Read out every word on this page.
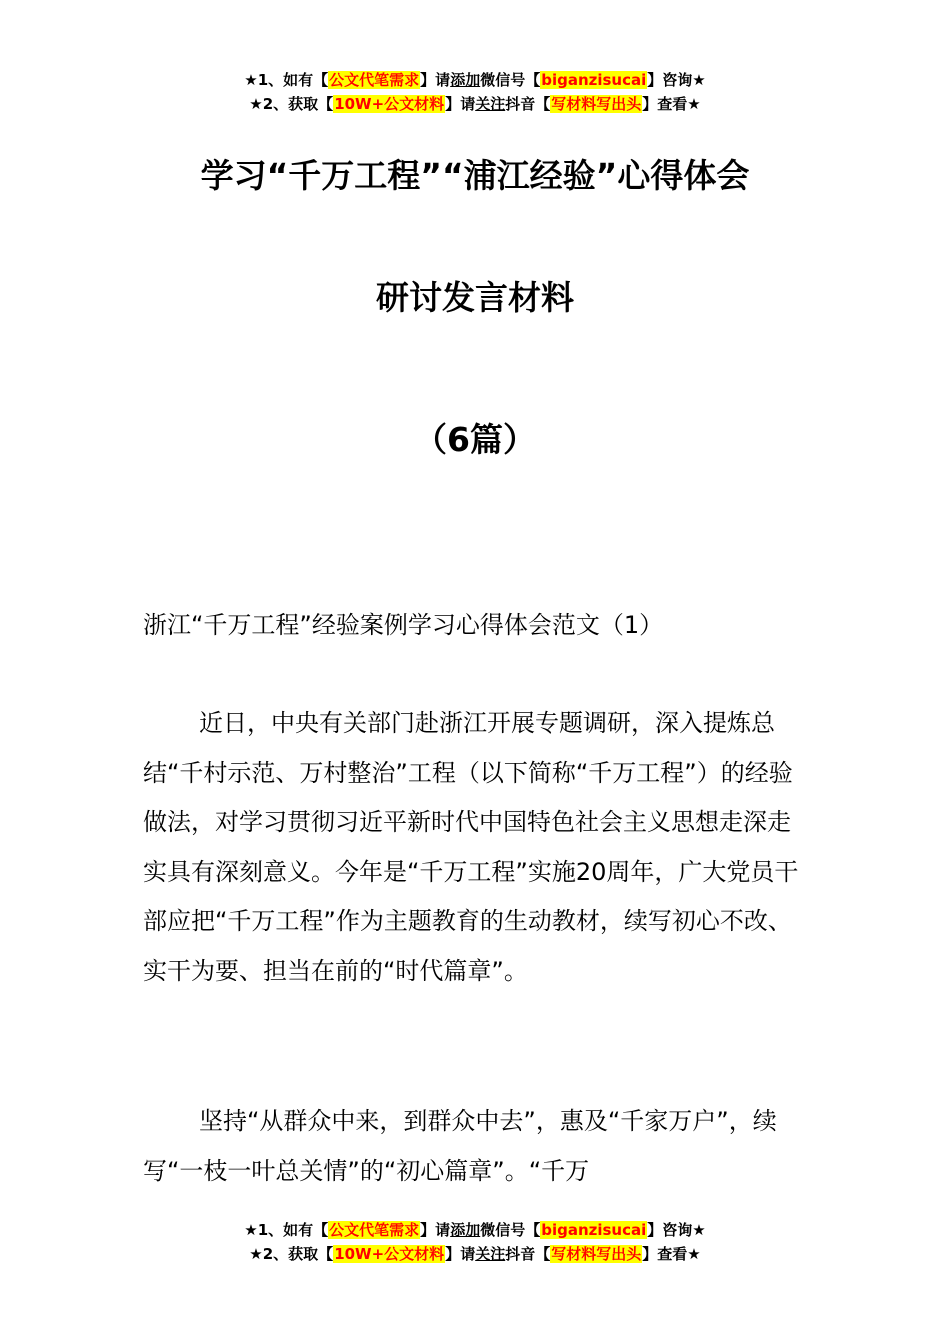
★1、如有【公文代笔需求】请添加微信号【biganzisucai】咨询★
★2、获取【10W+公文材料】请关注抖音【写材料写出头】查看★
学习“千万工程”“浦江经验”心得体会
研讨发言材料
（6篇）
浙江“千万工程”经验案例学习心得体会范文（1）

近日，中央有关部门赴浙江开展专题调研，深入提炼总结“千村示范、万村整治”工程（以下简称“千万工程”）的经验做法，对学习贯彻习近平新时代中国特色社会主义思想走深走实具有深刻意义。今年是“千万工程”实施20周年，广大党员干部应把“千万工程”作为主题教育的生动教材，续写初心不改、实干为要、担当在前的“时代篇章”。

坚持“从群众中来，到群众中去”，惠及“千家万户”，续写“一枝一叶总关情”的“初心篇章”。“千万

★1、如有【公文代笔需求】请添加微信号【biganzisucai】咨询★
★2、获取【10W+公文材料】请关注抖音【写材料写出头】查看★
